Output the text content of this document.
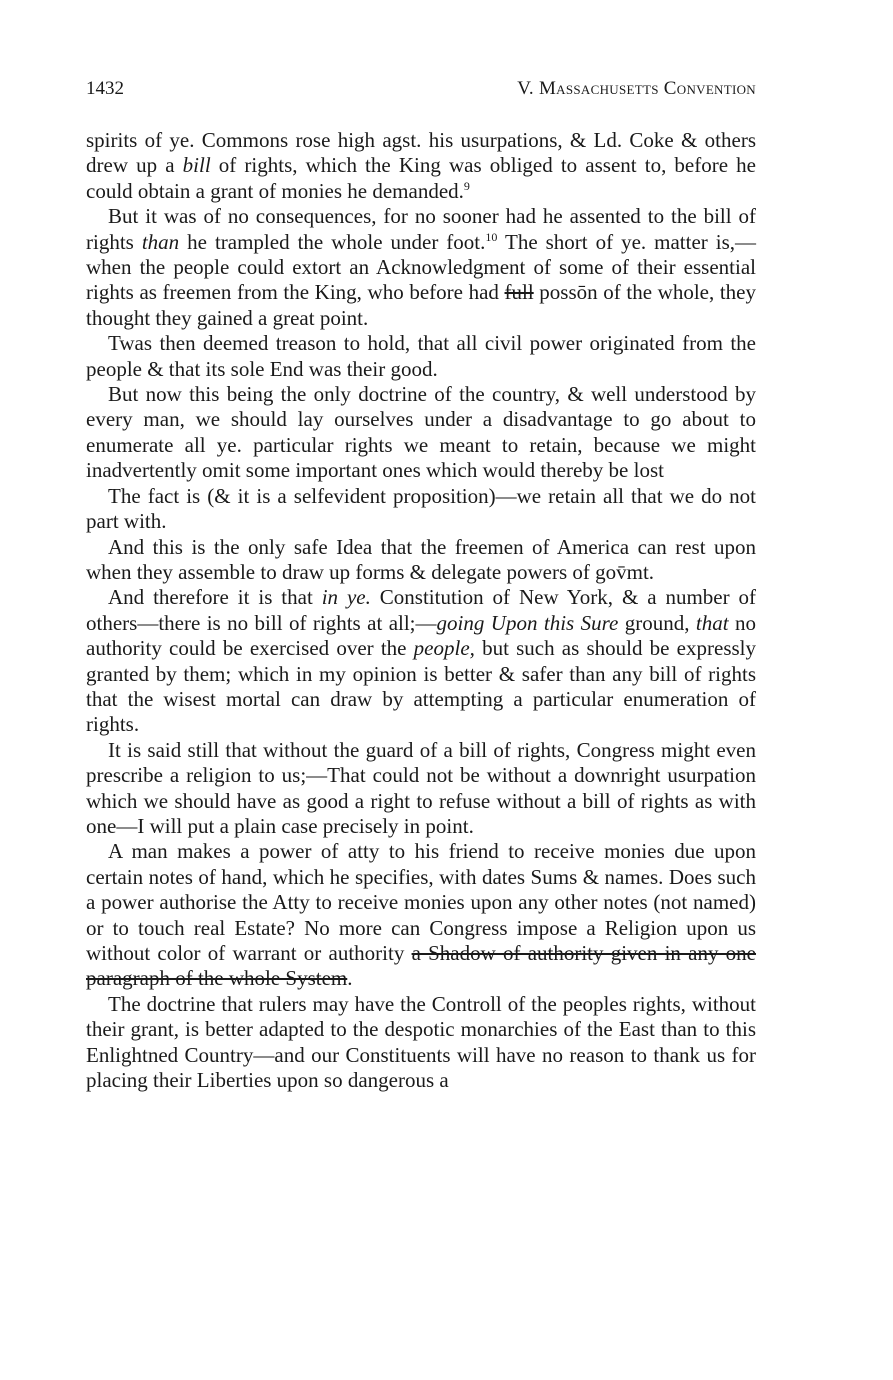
1432	V. Massachusetts Convention

spirits of ye. Commons rose high agst. his usurpations, & Ld. Coke & others drew up a bill of rights, which the King was obliged to assent to, before he could obtain a grant of monies he demanded.$^9$

But it was of no consequences, for no sooner had he assented to the bill of rights than he trampled the whole under foot.$^{10}$ The short of ye. matter is,—when the people could extort an Acknowledgment of some of their essential rights as freemen from the King, who before had full possōn of the whole, they thought they gained a great point.

Twas then deemed treason to hold, that all civil power originated from the people & that its sole End was their good.

But now this being the only doctrine of the country, & well understood by every man, we should lay ourselves under a disadvantage to go about to enumerate all ye. particular rights we meant to retain, because we might inadvertently omit some important ones which would thereby be lost

The fact is (& it is a selfevident proposition)—we retain all that we do not part with.

And this is the only safe Idea that the freemen of America can rest upon when they assemble to draw up forms & delegate powers of gov̄mt.

And therefore it is that in ye. Constitution of New York, & a number of others—there is no bill of rights at all;—going Upon this Sure ground, that no authority could be exercised over the people, but such as should be expressly granted by them; which in my opinion is better & safer than any bill of rights that the wisest mortal can draw by attempting a particular enumeration of rights.

It is said still that without the guard of a bill of rights, Congress might even prescribe a religion to us;—That could not be without a downright usurpation which we should have as good a right to refuse without a bill of rights as with one—I will put a plain case precisely in point.

A man makes a power of atty to his friend to receive monies due upon certain notes of hand, which he specifies, with dates Sums & names. Does such a power authorise the Atty to receive monies upon any other notes (not named) or to touch real Estate? No more can Congress impose a Religion upon us without color of warrant or authority a Shadow of authority given in any one paragraph of the whole System.

The doctrine that rulers may have the Controll of the peoples rights, without their grant, is better adapted to the despotic monarchies of the East than to this Enlightned Country—and our Constituents will have no reason to thank us for placing their Liberties upon so dangerous a
